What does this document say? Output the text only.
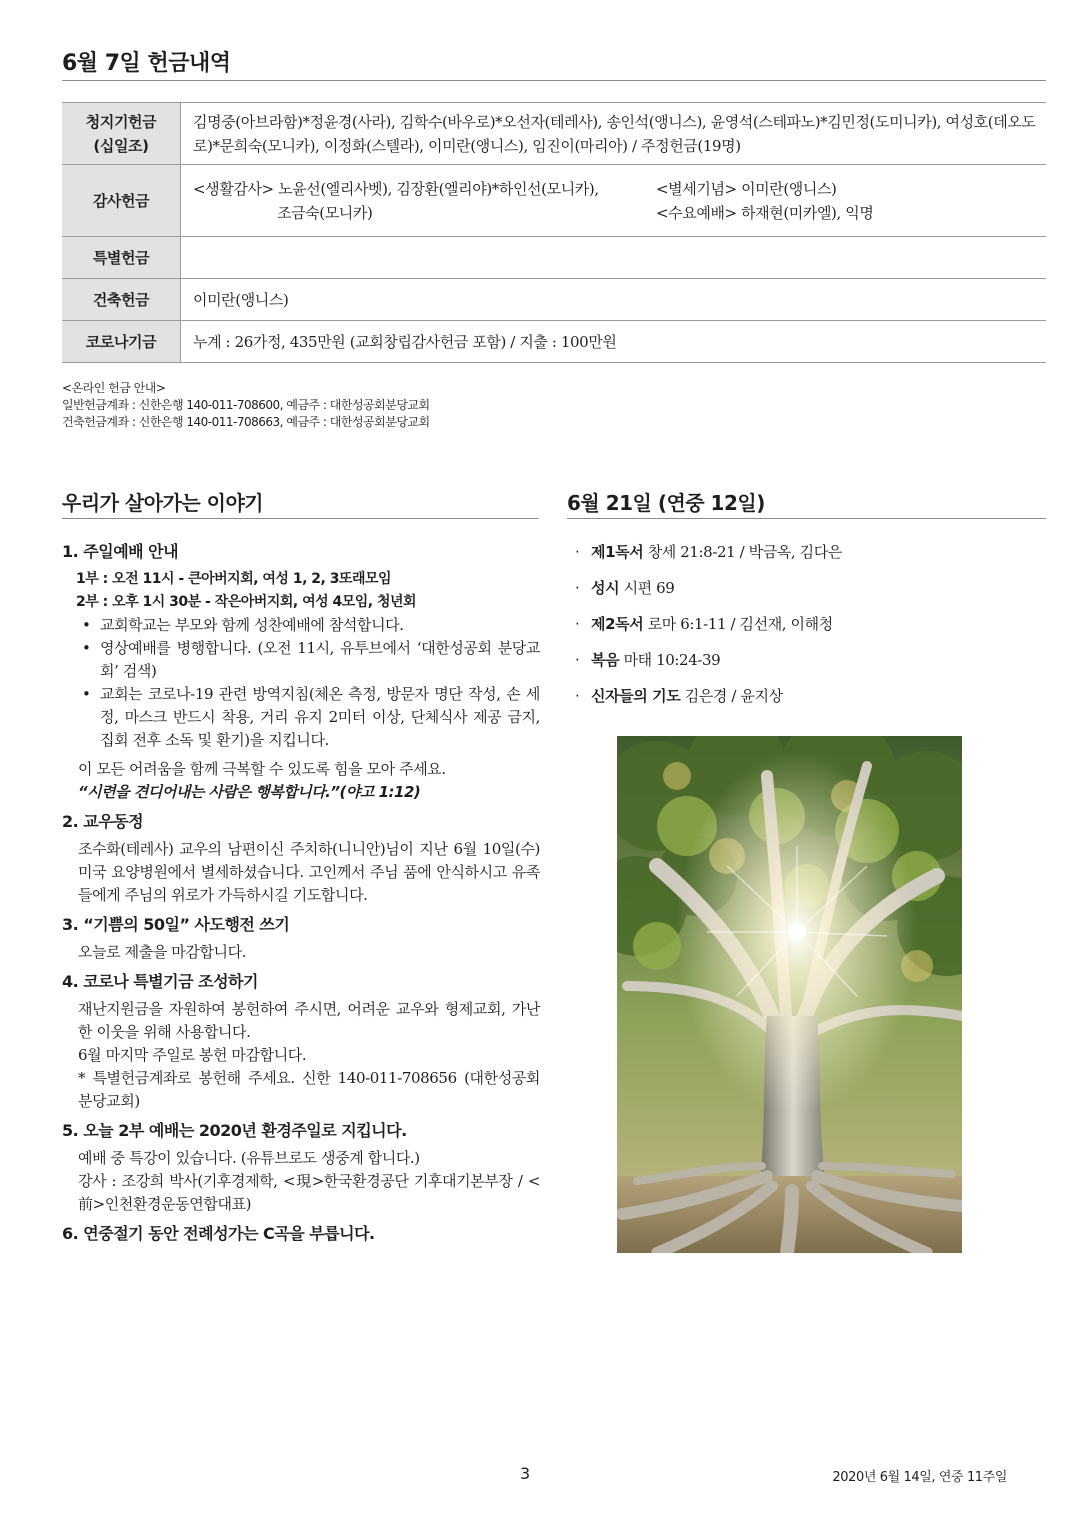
6월 7일 헌금내역
청지기헌금
(십일조)	김명중(아브라함)*정윤경(사라), 김학수(바우로)*오선자(테레사), 송인석(앵니스), 윤영석(스테파노)*김민정(도미니카), 여성호(데오도로)*문희숙(모니카), 이정화(스텔라), 이미란(앵니스), 임진이(마리아) / 주정헌금(19명)
감사헌금	<생활감사> 노윤선(엘리사벳), 김장환(엘리야)*하인선(모니카),
조금숙(모니카)
<별세기념> 이미란(앵니스)
<수요예배> 하재현(미카엘), 익명

특별헌금	
건축헌금	이미란(앵니스)
코로나기금	누계 : 26가정, 435만원 (교회창립감사헌금 포함) / 지출 : 100만원
<온라인 헌금 안내>
일반헌금계좌 : 신한은행 140-011-708600, 예금주 : 대한성공회분당교회
건축헌금계좌 : 신한은행 140-011-708663, 예금주 : 대한성공회분당교회
우리가 살아가는 이야기
1. 주일예배 안내
1부 : 오전 11시 - 큰아버지회, 여성 1, 2, 3또래모임
2부 : 오후 1시 30분 - 작은아버지회, 여성 4모임, 청년회
• 교회학교는 부모와 함께 성찬예배에 참석합니다.
• 영상예배를 병행합니다. (오전 11시, 유투브에서 ‘대한성공회 분당교회’ 검색)
• 교회는 코로나-19 관련 방역지침(체온 측정, 방문자 명단 작성, 손 세정, 마스크 반드시 착용, 거리 유지 2미터 이상, 단체식사 제공 금지, 집회 전후 소독 및 환기)을 지킵니다.
이 모든 어려움을 함께 극복할 수 있도록 힘을 모아 주세요.
“시련을 견디어내는 사람은 행복합니다.”(야고 1:12)
2. 교우동정
조수화(테레사) 교우의 남편이신 주치하(니니안)님이 지난 6월 10일(수) 미국 요양병원에서 별세하셨습니다. 고인께서 주님 품에 안식하시고 유족들에게 주님의 위로가 가득하시길 기도합니다.
3. “기쁨의 50일” 사도행전 쓰기
오늘로 제출을 마감합니다.
4. 코로나 특별기금 조성하기
재난지원금을 자원하여 봉헌하여 주시면, 어려운 교우와 형제교회, 가난한 이웃을 위해 사용합니다.
6월 마지막 주일로 봉헌 마감합니다.
* 특별헌금계좌로 봉헌해 주세요. 신한 140-011-708656 (대한성공회 분당교회)
5. 오늘 2부 예배는 2020년 환경주일로 지킵니다.
예배 중 특강이 있습니다. (유튜브로도 생중계 합니다.)
강사 : 조강희 박사(기후경제학, <現>한국환경공단 기후대기본부장 / <前>인천환경운동연합대표)
6. 연중절기 동안 전례성가는 C곡을 부릅니다.
6월 21일 (연중 12일)
· 제1독서 창세 21:8-21 / 박금옥, 김다은
· 성시 시편 69
· 제2독서 로마 6:1-11 / 김선재, 이해청
· 복음 마태 10:24-39
· 신자들의 기도 김은경 / 윤지상
3	2020년 6월 14일, 연중 11주일
